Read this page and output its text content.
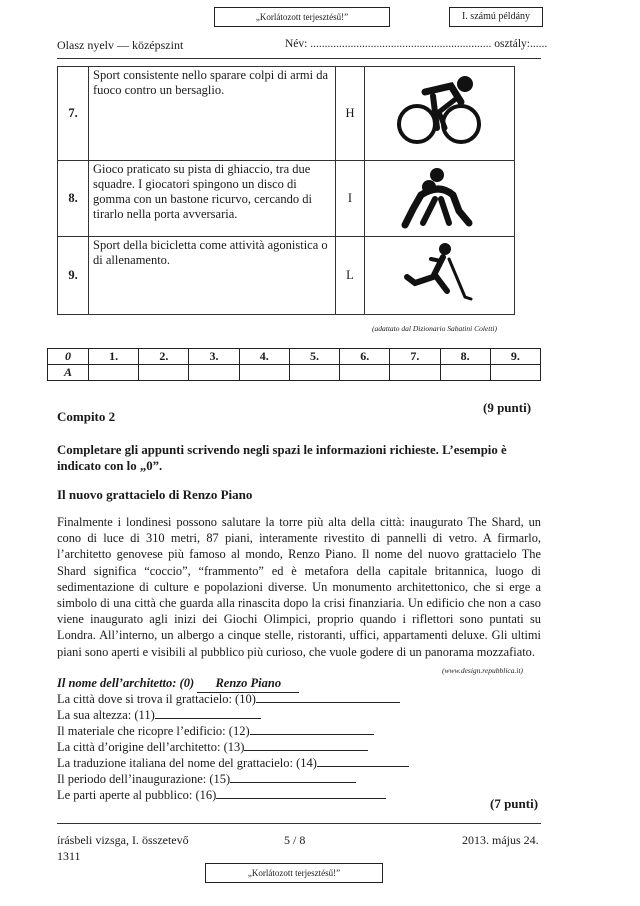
„Korlátozott terjesztésű!”	I. számú példány
Olasz nyelv — középszint	Név: ............................................................... osztály:......
7.	Sport consistente nello sparare colpi di armi da fuoco contro un bersaglio.	H	
8.	Gioco praticato su pista di ghiaccio, tra due squadre. I giocatori spingono un disco di gomma con un bastone ricurvo, cercando di tirarlo nella porta avversaria.	I	
9.	Sport della bicicletta come attività agonistica o di allenamento.	L	
(adattato dal Dizionario Sabatini Coletti)
0	1.	2.	3.	4.	5.	6.	7.	8.	9.
A									
Compito 2
(9 punti)
Completare gli appunti scrivendo negli spazi le informazioni richieste. L’esempio è indicato con lo „0”.
Il nuovo grattacielo di Renzo Piano

Finalmente i londinesi possono salutare la torre più alta della città: inaugurato The Shard, un cono di luce di 310 metri, 87 piani, interamente rivestito di pannelli di vetro. A firmarlo, l’architetto genovese più famoso al mondo, Renzo Piano. Il nome del nuovo grattacielo The Shard significa “coccio”, “frammento” ed è metafora della capitale britannica, luogo di sedimentazione di culture e popolazioni diverse. Un monumento architettonico, che si erge a simbolo di una città che guarda alla rinascita dopo la crisi finanziaria. Un edificio che non a caso viene inaugurato agli inizi dei Giochi Olimpici, proprio quando i riflettori sono puntati su Londra. All’interno, un albergo a cinque stelle, ristoranti, uffici, appartamenti deluxe. Gli ultimi piani sono aperti e visibili al pubblico più curioso, che vuole godere di un panorama mozzafiato.

(www.design.repubblica.it)
Il nome dell’architetto: (0) Renzo Piano
La città dove si trova il grattacielo: (10)
La sua altezza: (11)
Il materiale che ricopre l’edificio: (12)
La città d’origine dell’architetto: (13)
La traduzione italiana del nome del grattacielo: (14)
Il periodo dell’inaugurazione: (15)
Le parti aperte al pubblico: (16)
(7 punti)
írásbeli vizsga, I. összetevő
1311
5 / 8	2013. május 24.
„Korlátozott terjesztésű!”
